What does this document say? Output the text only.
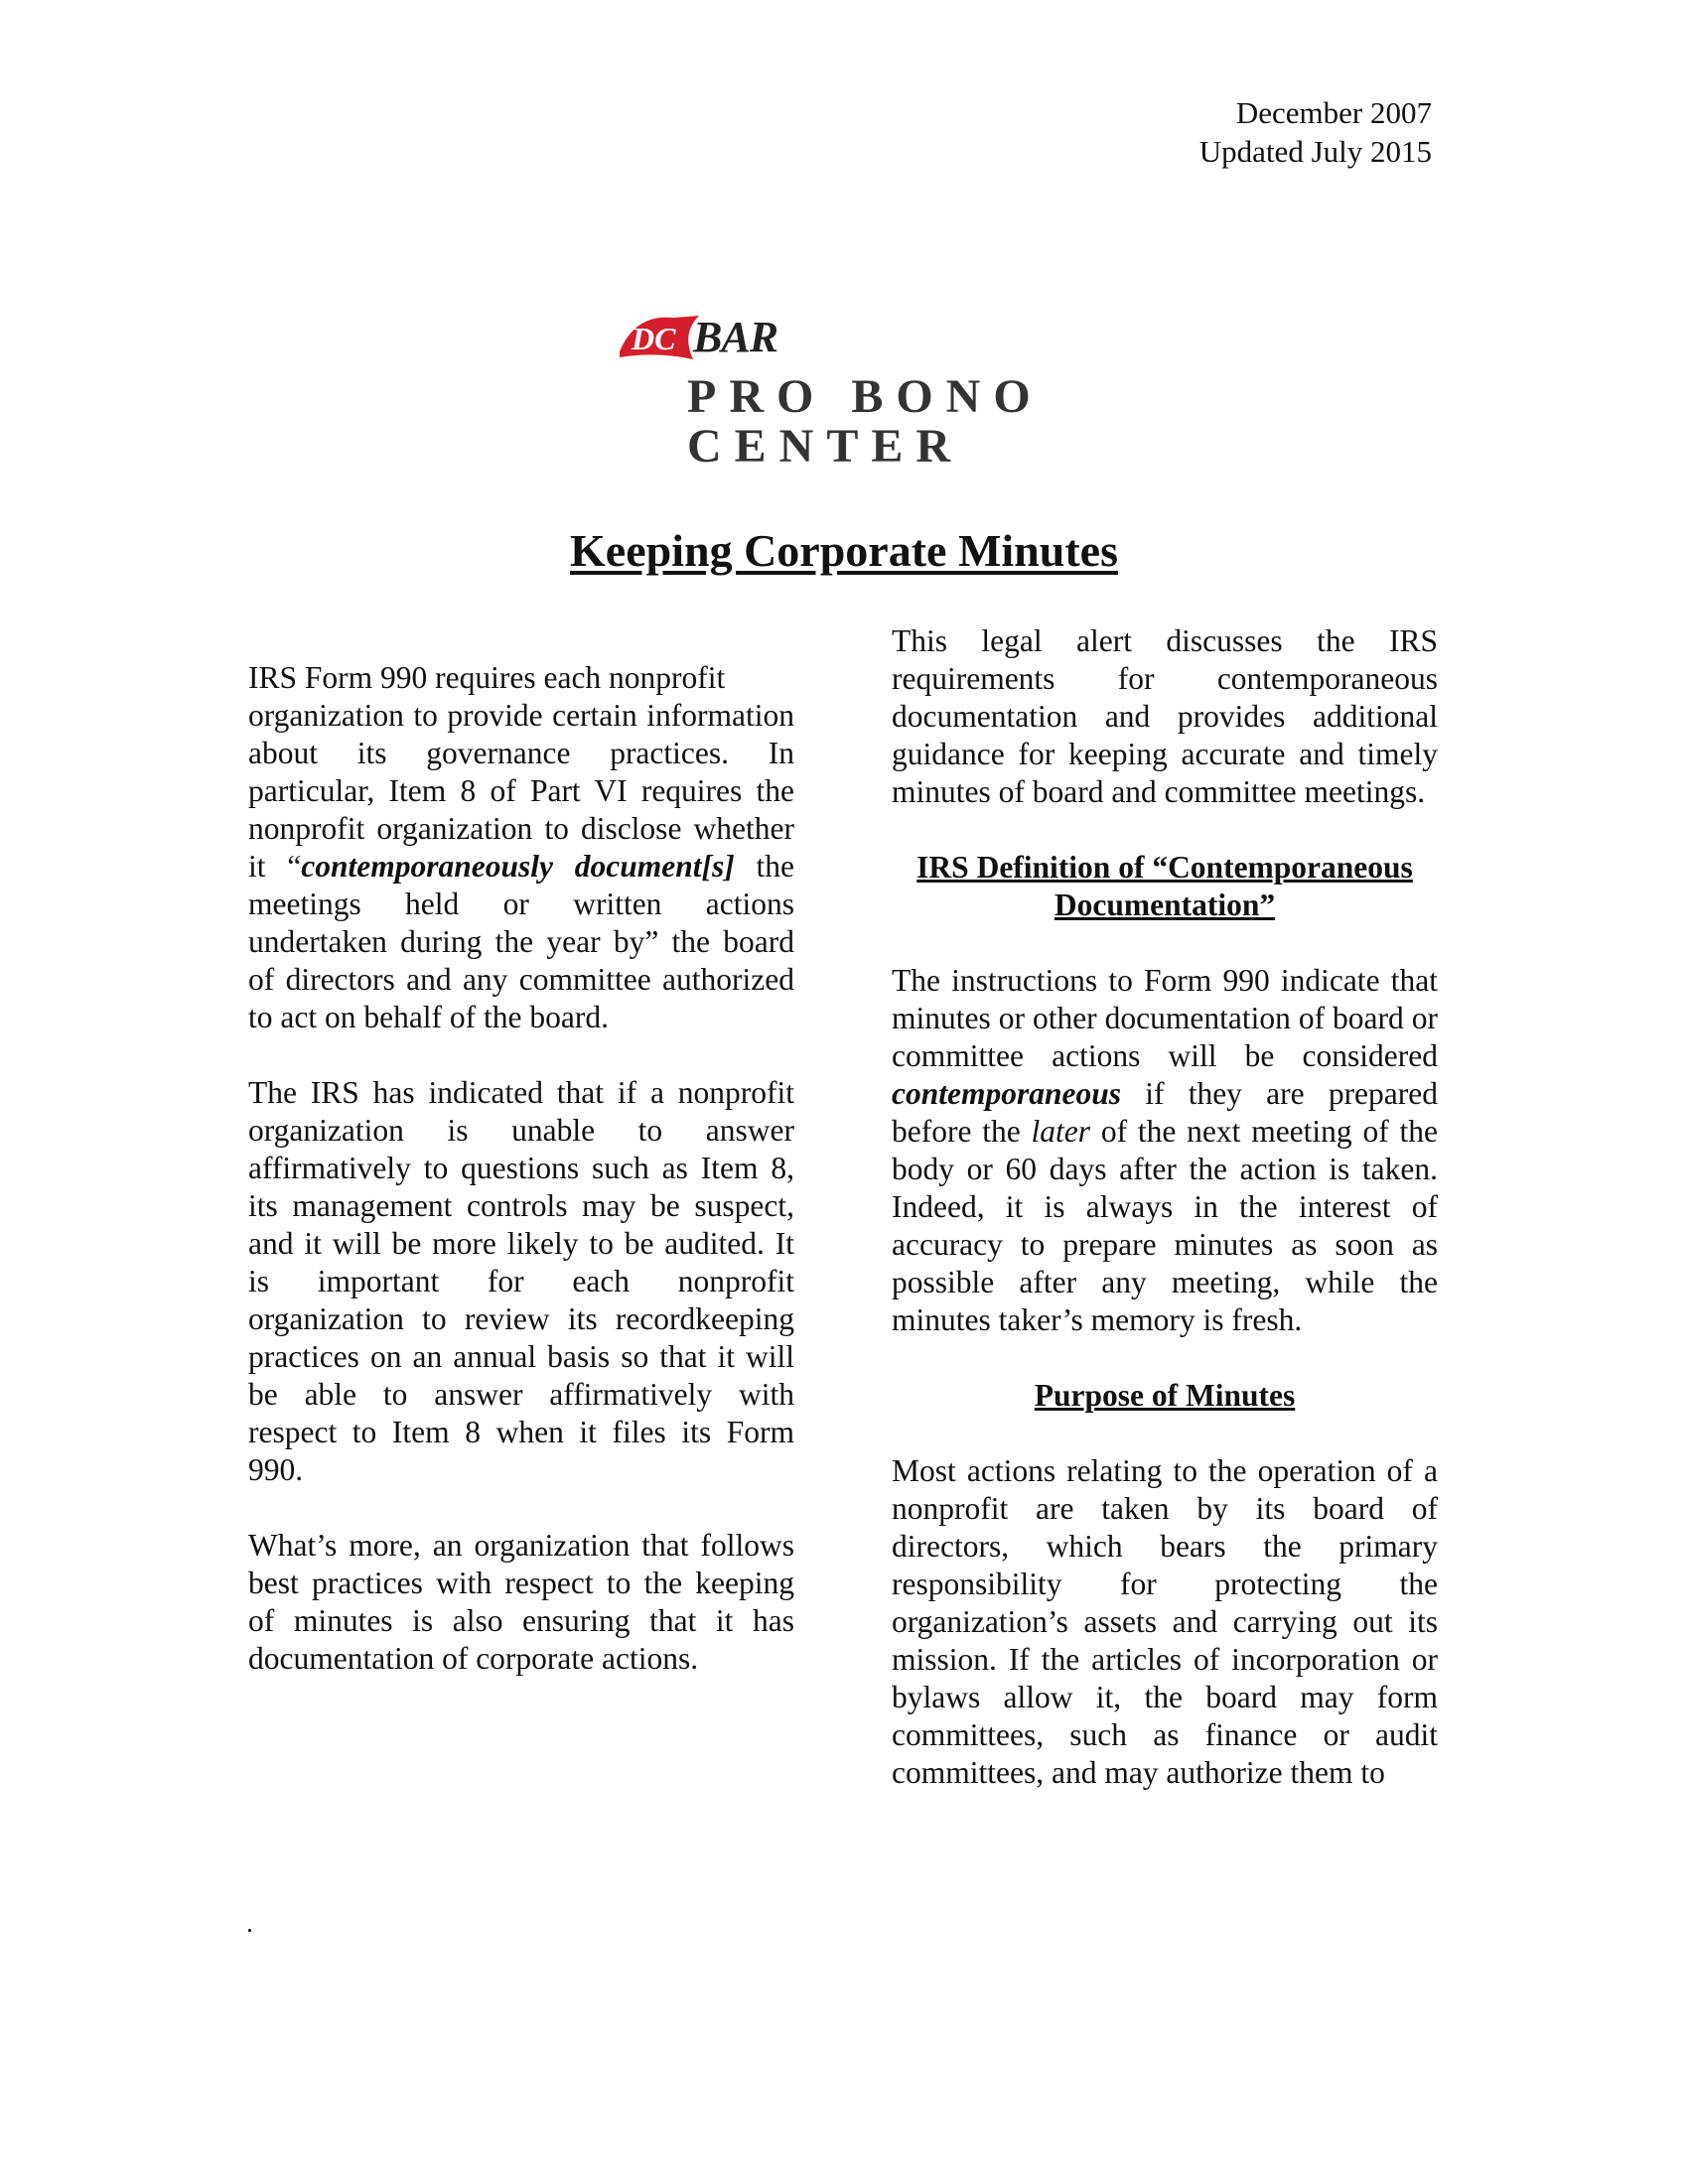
December 2007
Updated July 2015
DC BAR
PRO BONO
CENTER
Keeping Corporate Minutes

IRS Form 990 requires each nonprofit
organization to provide certain information about its governance practices. In particular, Item 8 of Part VI requires the nonprofit organization to disclose whether it “contemporaneously document[s] the meetings held or written actions undertaken during the year by” the board of directors and any committee authorized to act on behalf of the board.

The IRS has indicated that if a nonprofit organization is unable to answer affirmatively to questions such as Item 8, its management controls may be suspect, and it will be more likely to be audited. It is important for each nonprofit organization to review its recordkeeping practices on an annual basis so that it will be able to answer affirmatively with respect to Item 8 when it files its Form 990.

What’s more, an organization that follows best practices with respect to the keeping of minutes is also ensuring that it has documentation of corporate actions.

This legal alert discusses the IRS requirements for contemporaneous documentation and provides additional guidance for keeping accurate and timely minutes of board and committee meetings.

IRS Definition of “Contemporaneous Documentation”

The instructions to Form 990 indicate that minutes or other documentation of board or committee actions will be considered contemporaneous if they are prepared before the later of the next meeting of the body or 60 days after the action is taken. Indeed, it is always in the interest of accuracy to prepare minutes as soon as possible after any meeting, while the minutes taker’s memory is fresh.

Purpose of Minutes

Most actions relating to the operation of a nonprofit are taken by its board of directors, which bears the primary responsibility for protecting the organization’s assets and carrying out its mission. If the articles of incorporation or bylaws allow it, the board may form committees, such as finance or audit committees, and may authorize them to

.
